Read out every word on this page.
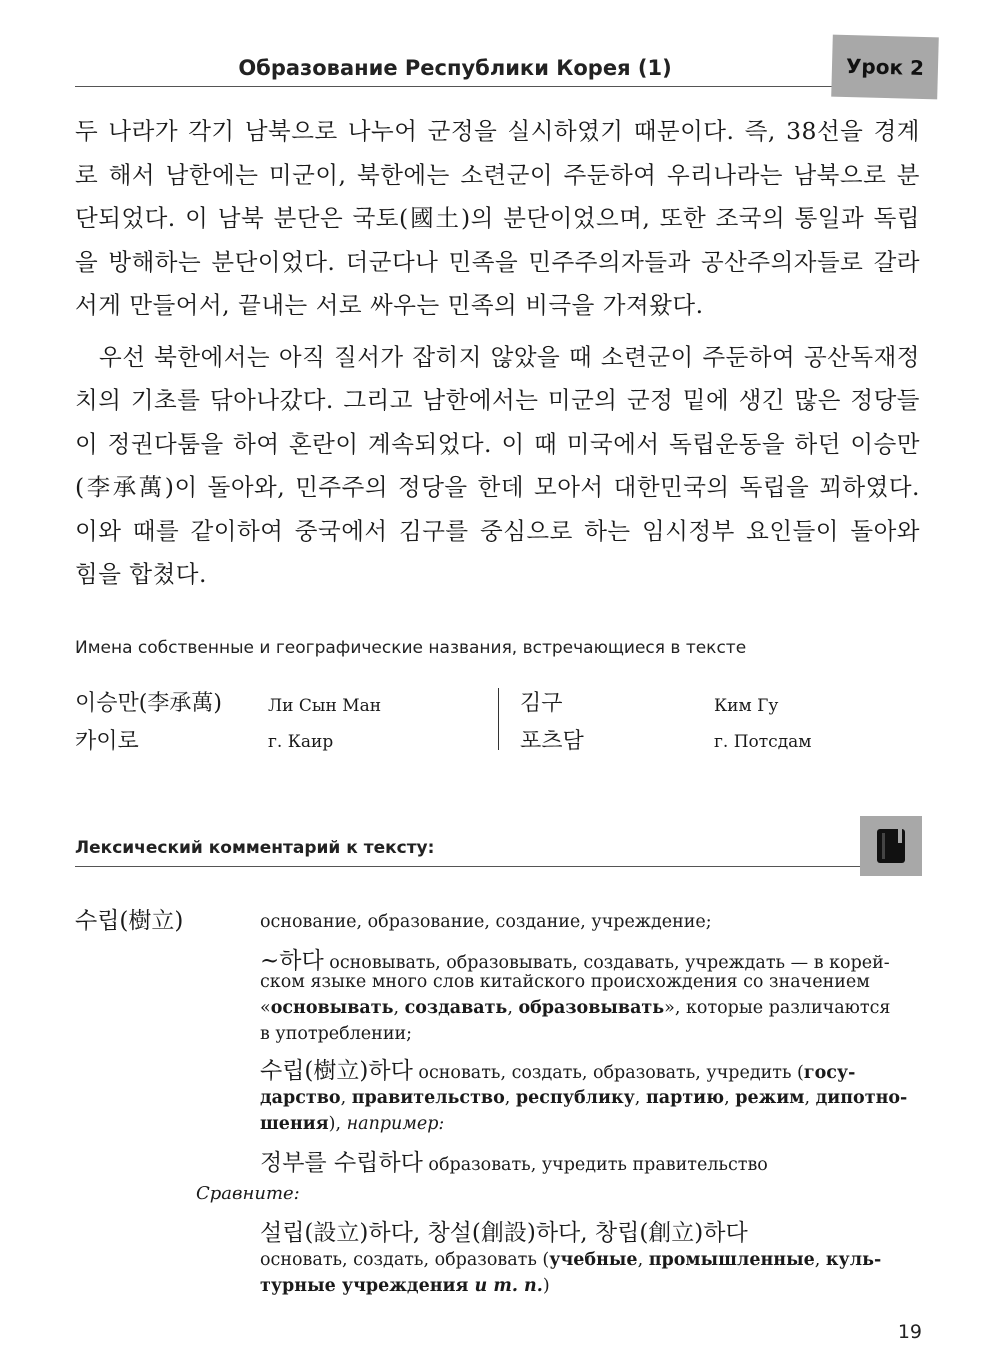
Образование Республики Корея (1)	Урок 2

두 나라가 각기 남북으로 나누어 군정을 실시하였기 때문이다. 즉, 38선을 경계로 해서 남한에는 미군이, 북한에는 소련군이 주둔하여 우리나라는 남북으로 분단되었다. 이 남북 분단은 국토(國土)의 분단이었으며, 또한 조국의 통일과 독립을 방해하는 분단이었다. 더군다나 민족을 민주주의자들과 공산주의자들로 갈라서게 만들어서, 끝내는 서로 싸우는 민족의 비극을 가져왔다.

우선 북한에서는 아직 질서가 잡히지 않았을 때 소련군이 주둔하여 공산독재정치의 기초를 닦아나갔다. 그리고 남한에서는 미군의 군정 밑에 생긴 많은 정당들이 정권다툼을 하여 혼란이 계속되었다. 이 때 미국에서 독립운동을 하던 이승만(李承萬)이 돌아와, 민주주의 정당을 한데 모아서 대한민국의 독립을 꾀하였다. 이와 때를 같이하여 중국에서 김구를 중심으로 하는 임시정부 요인들이 돌아와 힘을 합쳤다.

Имена собственные и географические названия, встречающиеся в тексте
이승만(李承萬)	Ли Сын Ман
카이로	г. Каир
김구	Ким Гу
포츠담	г. Потсдам
Лексический комментарий к тексту:
수립(樹立)	основание, образование, создание, учреждение;
~하다 основывать, образовывать, создавать, учреждать — в корей-
ском языке много слов китайского происхождения со значением
«основывать, создавать, образовывать», которые различаются
в употреблении;
수립(樹立)하다 основать, создать, образовать, учредить (госу-
дарство, правительство, республику, партию, режим, дипотно-
шения), например:
정부를 수립하다 образовать, учредить правительство
Сравните:
설립(設立)하다, 창설(創設)하다, 창립(創立)하다
основать, создать, образовать (учебные, промышленные, куль-
турные учреждения и т. п.)
19
